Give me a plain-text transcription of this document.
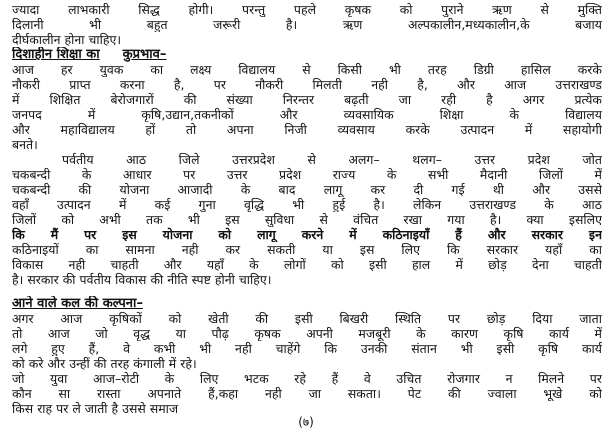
ज्यादा लाभकारी सिद्ध होगी। परन्तु पहले कृषक को पुराने ऋण से मुक्ति
दिलानी भी बहुत जरूरी है। ऋण अल्पकालीन,मध्यकालीन,के बजाय
दीर्घकालीन होना चाहिए।
दिशाहीन शिक्षा का कुप्रभाव–
आज हर युवक का लक्ष्य विद्यालय से किसी भी तरह डिग्री हासिल करके
नौकरी प्राप्त करना है, पर नौकरी मिलती नही है, और आज उत्तराखण्ड
में शिक्षित बेरोजगारों की संख्या निरन्तर बढ़ती जा रही है अगर प्रत्येक
जनपद में कृषि,उद्यान,तकनीकों और व्यवसायिक शिक्षा के विद्यालय
और महाविद्यालय हों तो अपना निजी व्यवसाय करके उत्पादन में सहायोगी
बनते।
पर्वतीय आठ जिले उत्तरप्रदेश से अलग– थलग– उत्तर प्रदेश जोत
चकबन्दी के आधार पर उत्तर प्रदेश राज्य के सभी मैदानी जिलों में
चकबन्दी की योजना आजादी के बाद लागू कर दी गई थी और उससे
वहाँ उत्पादन में कई गुना वृद्धि भी हुई है। लेकिन उत्तराखण्ड के आठ
जिलों को अभी तक भी इस सुविधा से वंचित रखा गया है। क्या इसलिए
कि मैं पर इस योजना को लागू करने में कठिनाइयाँ हैं और सरकार इन
कठिनाइयों का सामना नही कर सकती या इस लिए कि सरकार यहाँ का
विकास नही चाहती और यहाँ के लोगों को इसी हाल में छोड़ देना चाहती
है। सरकार की पर्वतीय विकास की नीति स्पष्ट होनी चाहिए।
आने वाले कल की कल्पना–
अगर आज कृषिकों को खेती की इसी बिखरी स्थिति पर छोड़ दिया जाता
तो आज जो वृद्ध या पौढ़ कृषक अपनी मजबूरी के कारण कृषि कार्य में
लगे हुए हैं, वे कभी भी नही चाहेंगे कि उनकी संतान भी इसी कृषि कार्य
को करे और उन्हीं की तरह कंगाली में रहे।
जो युवा आज–रोटी के लिए भटक रहे हैं वे उचित रोजगार न मिलने पर
कौन सा रास्ता अपनाते हैं,कहा नही जा सकता। पेट की ज्वाला भूखे को
किस राह पर ले जाती है उससे समाज
(७)
